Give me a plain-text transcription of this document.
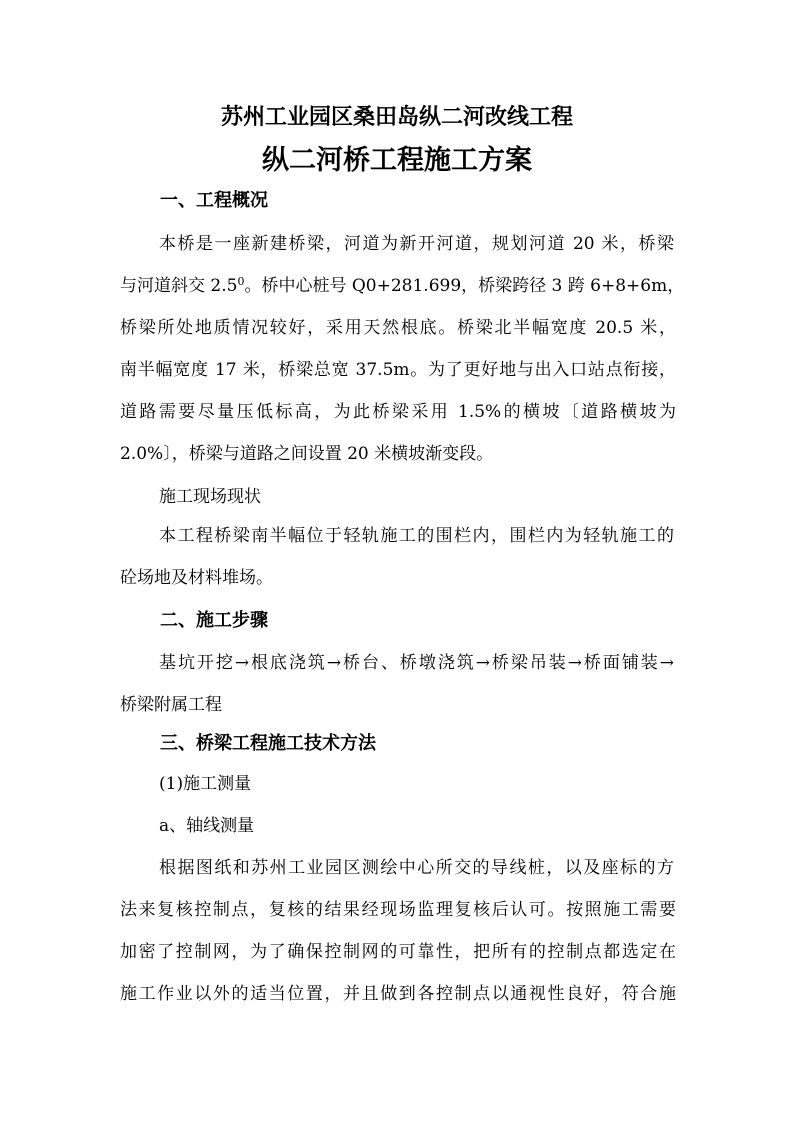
苏州工业园区桑田岛纵二河改线工程
纵二河桥工程施工方案
一、工程概况
本桥是一座新建桥梁，河道为新开河道，规划河道 20 米，桥梁
与河道斜交 $2.5^0$。桥中心桩号 Q0+281.699，桥梁跨径 3 跨 6+8+6m，
桥梁所处地质情况较好，采用天然根底。桥梁北半幅宽度 20.5 米，
南半幅宽度 17 米，桥梁总宽 37.5m。为了更好地与出入口站点衔接，
道路需要尽量压低标高，为此桥梁采用 1.5%的横坡〔道路横坡为
2.0%〕，桥梁与道路之间设置 20 米横坡渐变段。
施工现场现状
本工程桥梁南半幅位于轻轨施工的围栏内，围栏内为轻轨施工的
砼场地及材料堆场。
二、施工步骤
基坑开挖→根底浇筑→桥台、桥墩浇筑→桥梁吊装→桥面铺装→
桥梁附属工程
三、桥梁工程施工技术方法
(1)施工测量
a、轴线测量
根据图纸和苏州工业园区测绘中心所交的导线桩，以及座标的方
法来复核控制点，复核的结果经现场监理复核后认可。按照施工需要
加密了控制网，为了确保控制网的可靠性，把所有的控制点都选定在
施工作业以外的适当位置，并且做到各控制点以通视性良好，符合施
